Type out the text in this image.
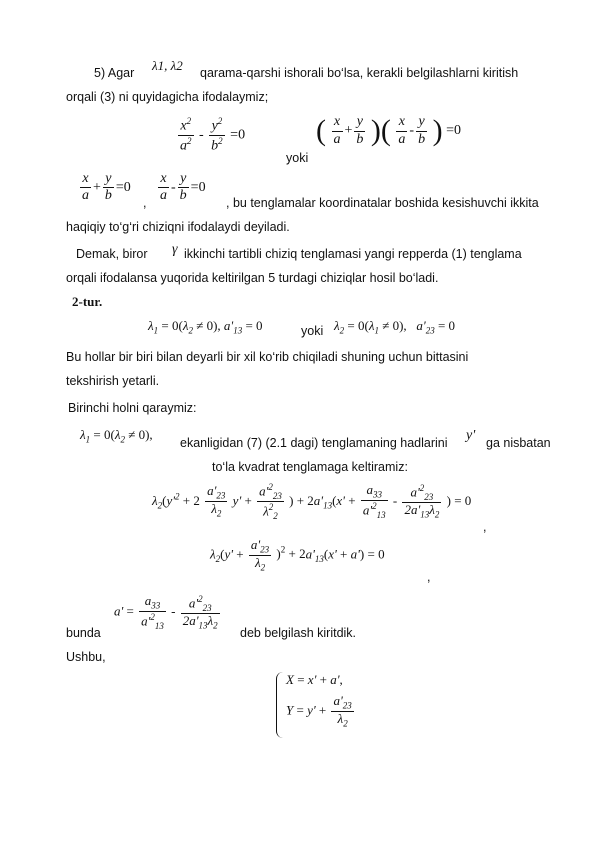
5) Agar λ1, λ2 qarama-qarshi ishorali bo‘lsa, kerakli belgilashlarni kiritish
orqali (3) ni quyidagicha ifodalaymiz;
$\frac{x^2}{a^2} - \frac{y^2}{b^2} =0$
yoki
( $\frac{x}{a} + \frac{y}{b}$ )( $\frac{x}{a} - \frac{y}{b}$ ) =0
$\frac{x}{a} + \frac{y}{b} =0$
, $\frac{x}{a} - \frac{y}{b} =0$
, bu tenglamalar koordinatalar boshida kesishuvchi ikkita
haqiqiy to‘g‘ri chiziqni ifodalaydi deyiladi.
Demak, biror γ ikkinchi tartibli chiziq tenglamasi yangi repperda (1) tenglama
orqali ifodalansa yuqorida keltirilgan 5 turdagi chiziqlar hosil bo‘ladi.
2-tur.
$\lambda_1 = 0(\lambda_2 \ne 0)$, $a'_{13} = 0$	yoki $\lambda_2 = 0(\lambda_1 \ne 0)$,   $a'_{23} = 0$
Bu hollar bir biri bilan deyarli bir xil ko‘rib chiqiladi shuning uchun bittasini
tekshirish yetarli.
Birinchi holni qaraymiz:
$\lambda_1 = 0(\lambda_2 \ne 0)$,
ekanligidan (7) (2.1 dagi) tenglamaning hadlarini y' ga nisbatan
to‘la kvadrat tenglamaga keltiramiz:
$\lambda_2(y'^2 + 2 \frac{a'_{23}}{\lambda_2} y' + \frac{a'^2_{23}}{\lambda^2_2}$ ) + $2a'_{13}(x' + \frac{a_{33}}{a'^2_{13}} - \frac{a'^2_{23}}{2a'_{13}\lambda_2}$ ) = 0
,
$\lambda_2(y' + \frac{a'_{23}}{\lambda_2} )^2 + 2a'_{13}(x' + a') = 0$
,
$a' = \frac{a_{33}}{a'^2_{13}} - \frac{a'^2_{23}}{2a'_{13}\lambda_2}$
bunda	deb belgilash kiritdik.
Ushbu,
X = x' + a',
$Y = y' + \frac{a'_{23}}{\lambda_2}$
